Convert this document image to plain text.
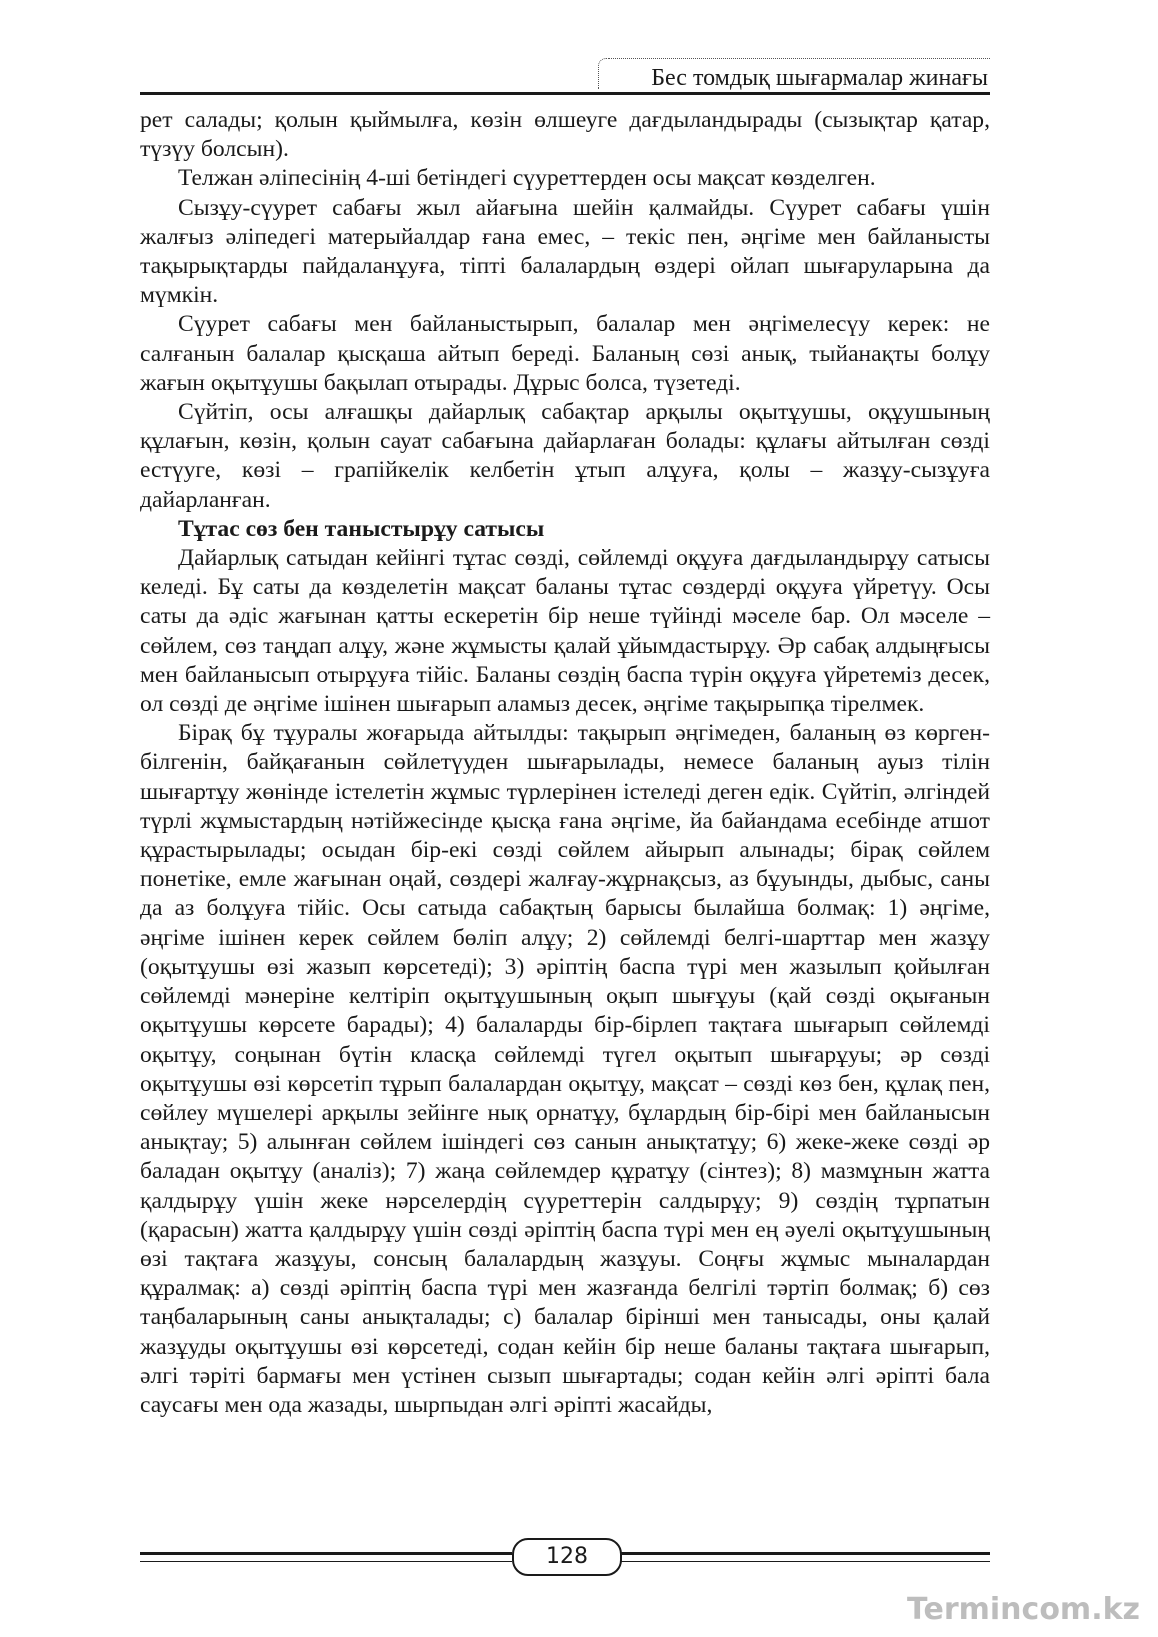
Бес томдық шығармалар жинағы

рет салады; қолын қыймылға, көзін өлшеуге дағдыландырады (сызықтар қатар, түзүу болсын).

Телжан әліпесінің 4-ші бетіндегі сүуреттерден осы мақсат көзделген.

Сызұу-сүурет сабағы жыл айағына шейін қалмайды. Сүурет сабағы үшін жалғыз әліпедегі матерыйалдар ғана емес, – текіс пен, әңгіме мен байланысты тақырықтарды пайдаланұуға, тіпті балалардың өздері ойлап шығаруларына да мүмкін.

Сүурет сабағы мен байланыстырып, балалар мен әңгімелесүу керек: не салғанын балалар қысқаша айтып береді. Баланың сөзі анық, тыйанақты болұу жағын оқытұушы бақылап отырады. Дұрыс болса, түзетеді.

Сүйтіп, осы алғашқы дайарлық сабақтар арқылы оқытұушы, оқұушының құлағын, көзін, қолын сауат сабағына дайарлаған болады: құлағы айтылған сөзді естүуге, көзі – грапійкелік келбетін ұтып алұуға, қолы – жазұу-сызұуға дайарланған.

Тұтас сөз бен таныстырұу сатысы

Дайарлық сатыдан кейінгі тұтас сөзді, сөйлемді оқұуға дағдыландырұу сатысы келеді. Бұ саты да көзделетін мақсат баланы тұтас сөздерді оқұуға үйретүу. Осы саты да әдіс жағынан қатты ескеретін бір неше түйінді мәселе бар. Ол мәселе – сөйлем, сөз таңдап алұу, және жұмысты қалай ұйымдастырұу. Әр сабақ алдыңғысы мен байланысып отырұуға тійіс. Баланы сөздің баспа түрін оқұуға үйретеміз десек, ол сөзді де әңгіме ішінен шығарып аламыз десек, әңгіме тақырыпқа тірелмек.

Бірақ бұ тұуралы жоғарыда айтылды: тақырып әңгімеден, баланың өз көрген-білгенін, байқағанын сөйлетүуден шығарылады, немесе баланың ауыз тілін шығартұу жөнінде істелетін жұмыс түрлерінен істеледі деген едік. Сүйтіп, әлгіндей түрлі жұмыстардың нәтійжесінде қысқа ғана әңгіме, йа байандама есебінде атшот құрастырылады; осыдан бір-екі сөзді сөйлем айырып алынады; бірақ сөйлем понетіке, емле жағынан оңай, сөздері жалғау-жұрнақсыз, аз бұуынды, дыбыс, саны да аз болұуға тійіс. Осы сатыда сабақтың барысы былайша болмақ: 1) әңгіме, әңгіме ішінен керек сөйлем бөліп алұу; 2) сөйлемді белгі-шарттар мен жазұу (оқытұушы өзі жазып көрсетеді); 3) әріптің баспа түрі мен жазылып қойылған сөйлемді мәнеріне келтіріп оқытұушының оқып шығұуы (қай сөзді оқығанын оқытұушы көрсете барады); 4) балаларды бір-бірлеп тақтаға шығарып сөйлемді оқытұу, соңынан бүтін класқа сөйлемді түгел оқытып шығарұуы; әр сөзді оқытұушы өзі көрсетіп тұрып балалардан оқытұу, мақсат – сөзді көз бен, құлақ пен, сөйлеу мүшелері арқылы зейінге нық орнатұу, бұлардың бір-бірі мен байланысын анықтау; 5) алынған сөйлем ішіндегі сөз санын анықтатұу; 6) жеке-жеке сөзді әр баладан оқытұу (аналіз); 7) жаңа сөйлемдер құратұу (сінтез); 8) мазмұнын жатта қалдырұу үшін жеке нәрселердің сүуреттерін салдырұу; 9) сөздің тұрпатын (қарасын) жатта қалдырұу үшін сөзді әріптің баспа түрі мен ең әуелі оқытұушының өзі тақтаға жазұуы, сонсың балалардың жазұуы. Соңғы жұмыс мыналардан құралмақ: а) сөзді әріптің баспа түрі мен жазғанда белгілі тәртіп болмақ; б) сөз таңбаларының саны анықталады; с) балалар бірінші мен танысады, оны қалай жазұуды оқытұушы өзі көрсетеді, содан кейін бір неше баланы тақтаға шығарып, әлгі тәріті бармағы мен үстінен сызып шығартады; содан кейін әлгі әріпті бала саусағы мен ода жазады, шырпыдан әлгі әріпті жасайды,

128
Termincom.kz
